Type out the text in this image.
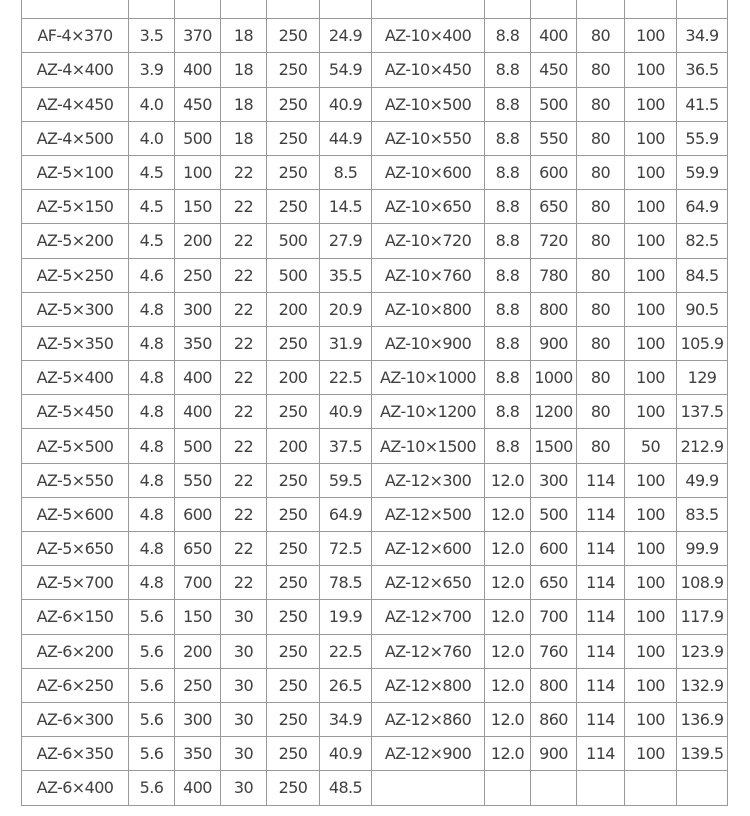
AF-4×370	3.5	370	18	250	24.9	AZ-10×400	8.8	400	80	100	34.9
AZ-4×400	3.9	400	18	250	54.9	AZ-10×450	8.8	450	80	100	36.5
AZ-4×450	4.0	450	18	250	40.9	AZ-10×500	8.8	500	80	100	41.5
AZ-4×500	4.0	500	18	250	44.9	AZ-10×550	8.8	550	80	100	55.9
AZ-5×100	4.5	100	22	250	8.5	AZ-10×600	8.8	600	80	100	59.9
AZ-5×150	4.5	150	22	250	14.5	AZ-10×650	8.8	650	80	100	64.9
AZ-5×200	4.5	200	22	500	27.9	AZ-10×720	8.8	720	80	100	82.5
AZ-5×250	4.6	250	22	500	35.5	AZ-10×760	8.8	780	80	100	84.5
AZ-5×300	4.8	300	22	200	20.9	AZ-10×800	8.8	800	80	100	90.5
AZ-5×350	4.8	350	22	250	31.9	AZ-10×900	8.8	900	80	100	105.9
AZ-5×400	4.8	400	22	200	22.5	AZ-10×1000	8.8	1000	80	100	129
AZ-5×450	4.8	400	22	250	40.9	AZ-10×1200	8.8	1200	80	100	137.5
AZ-5×500	4.8	500	22	200	37.5	AZ-10×1500	8.8	1500	80	50	212.9
AZ-5×550	4.8	550	22	250	59.5	AZ-12×300	12.0	300	114	100	49.9
AZ-5×600	4.8	600	22	250	64.9	AZ-12×500	12.0	500	114	100	83.5
AZ-5×650	4.8	650	22	250	72.5	AZ-12×600	12.0	600	114	100	99.9
AZ-5×700	4.8	700	22	250	78.5	AZ-12×650	12.0	650	114	100	108.9
AZ-6×150	5.6	150	30	250	19.9	AZ-12×700	12.0	700	114	100	117.9
AZ-6×200	5.6	200	30	250	22.5	AZ-12×760	12.0	760	114	100	123.9
AZ-6×250	5.6	250	30	250	26.5	AZ-12×800	12.0	800	114	100	132.9
AZ-6×300	5.6	300	30	250	34.9	AZ-12×860	12.0	860	114	100	136.9
AZ-6×350	5.6	350	30	250	40.9	AZ-12×900	12.0	900	114	100	139.5
AZ-6×400	5.6	400	30	250	48.5						
